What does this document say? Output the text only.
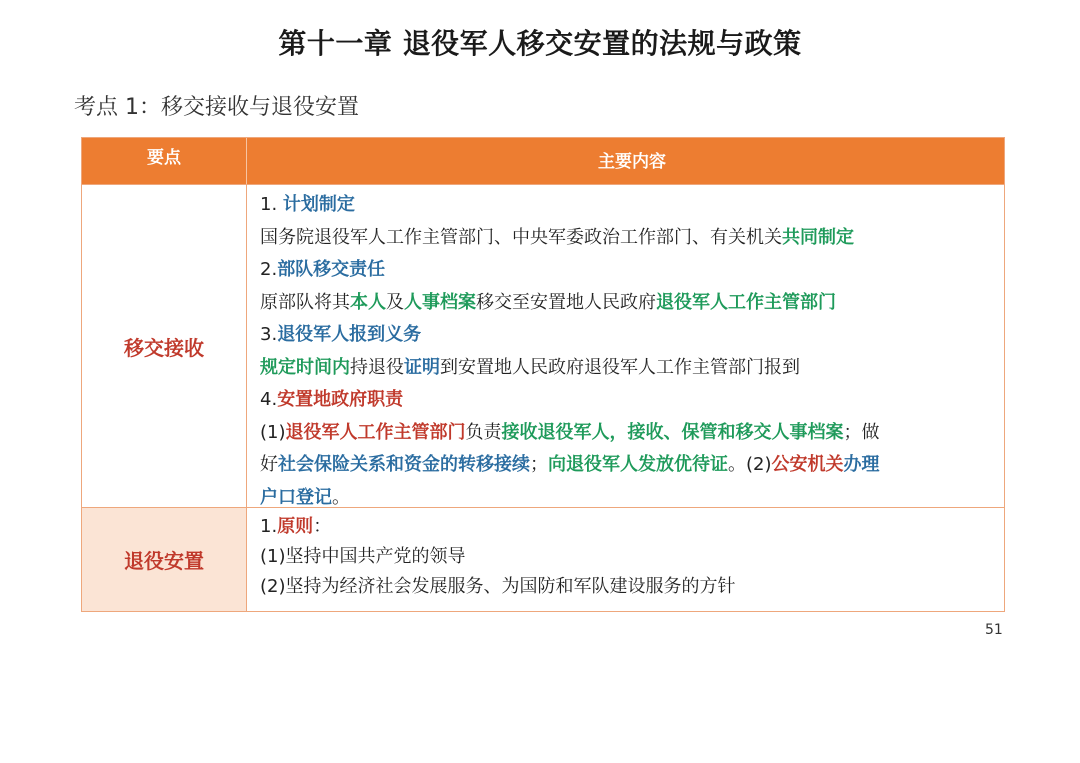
第十一章 退役军人移交安置的法规与政策
考点 1：移交接收与退役安置
要点	主要内容
移交接收
1. 计划制定
国务院退役军人工作主管部门、中央军委政治工作部门、有关机关共同制定
2.部队移交责任
原部队将其本人及人事档案移交至安置地人民政府退役军人工作主管部门
3.退役军人报到义务
规定时间内持退役证明到安置地人民政府退役军人工作主管部门报到
4.安置地政府职责
(1)退役军人工作主管部门负责接收退役军人，接收、保管和移交人事档案；做
好社会保险关系和资金的转移接续；向退役军人发放优待证。(2)公安机关办理
户口登记。
退役安置
1.原则：
(1)坚持中国共产党的领导
(2)坚持为经济社会发展服务、为国防和军队建设服务的方针
51
